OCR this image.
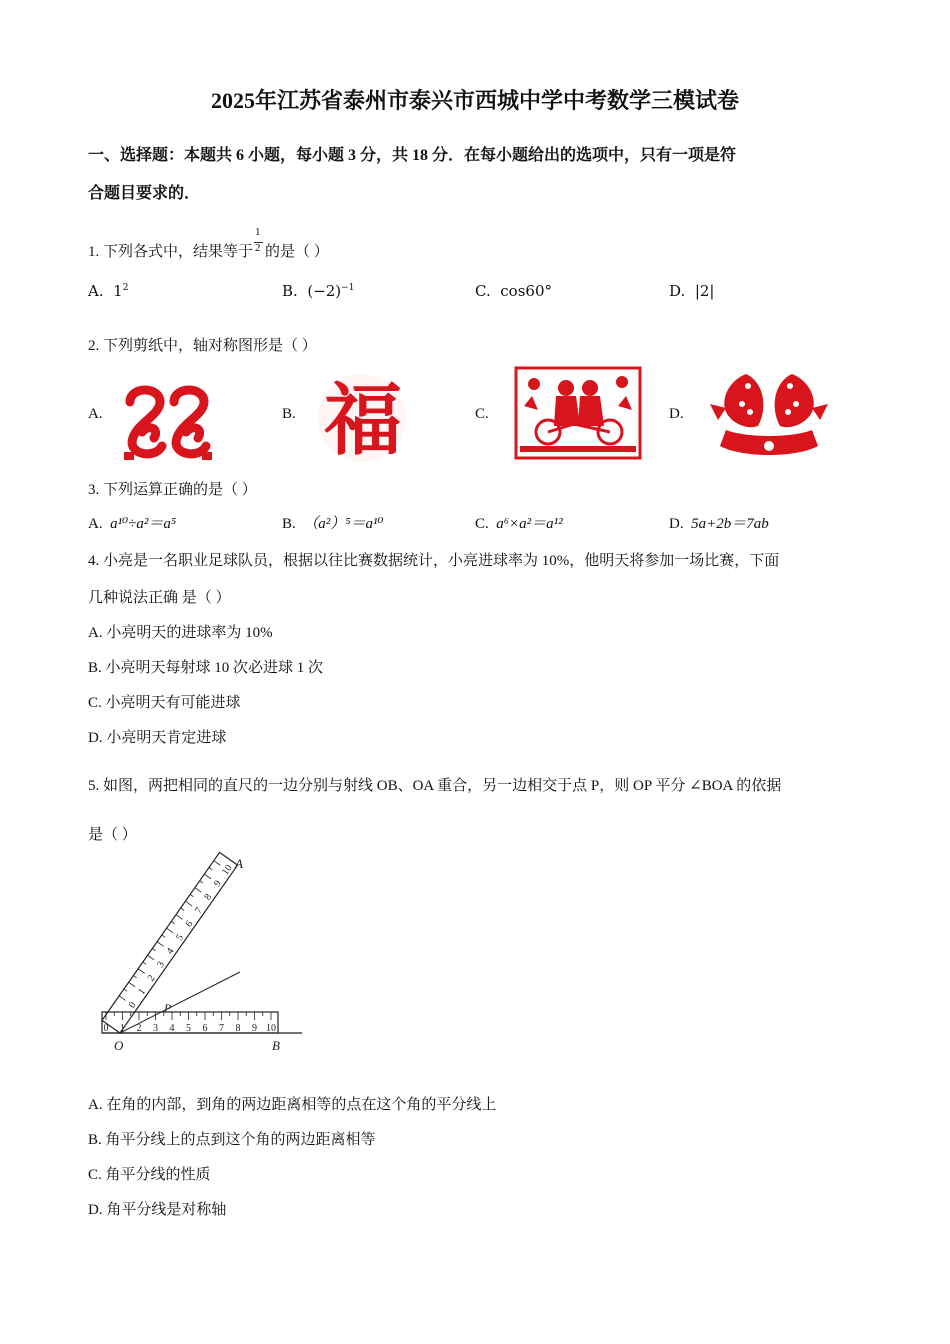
2025年江苏省泰州市泰兴市西城中学中考数学三模试卷
一、选择题：本题共 6 小题，每小题 3 分，共 18 分．在每小题给出的选项中，只有一项是符
合题目要求的．
1. 下列各式中，结果等于 $\frac{1}{2}$ 的是（ ）
A. $1^2$	B. $(-2)^{-1}$	C. cos60°	D. |2|
2. 下列剪纸中，轴对称图形是（ ）
A.	B.	C.	D.
福
3. 下列运算正确的是（ ）
A. a¹⁰÷a²＝a⁵	B. （a²）⁵＝a¹⁰	C. a⁶×a²＝a¹²	D. 5a+2b＝7ab
4. 小亮是一名职业足球队员，根据以往比赛数据统计，小亮进球率为 10%，他明天将参加一场比赛，下面
几种说法正确 是（ ）
A. 小亮明天的进球率为 10%
B. 小亮明天每射球 10 次必进球 1 次
C. 小亮明天有可能进球
D. 小亮明天肯定进球
5. 如图，两把相同的直尺的一边分别与射线 OB、OA 重合，另一边相交于点 P，则 OP 平分 ∠BOA 的依据
是（ ）
0 1 2 3 4 5 6 7 8 9 10
0
1
2
3
4
5
6
7
8
9
10 A
O	B
P
A. 在角的内部，到角的两边距离相等的点在这个角的平分线上
B. 角平分线上的点到这个角的两边距离相等
C. 角平分线的性质
D. 角平分线是对称轴
